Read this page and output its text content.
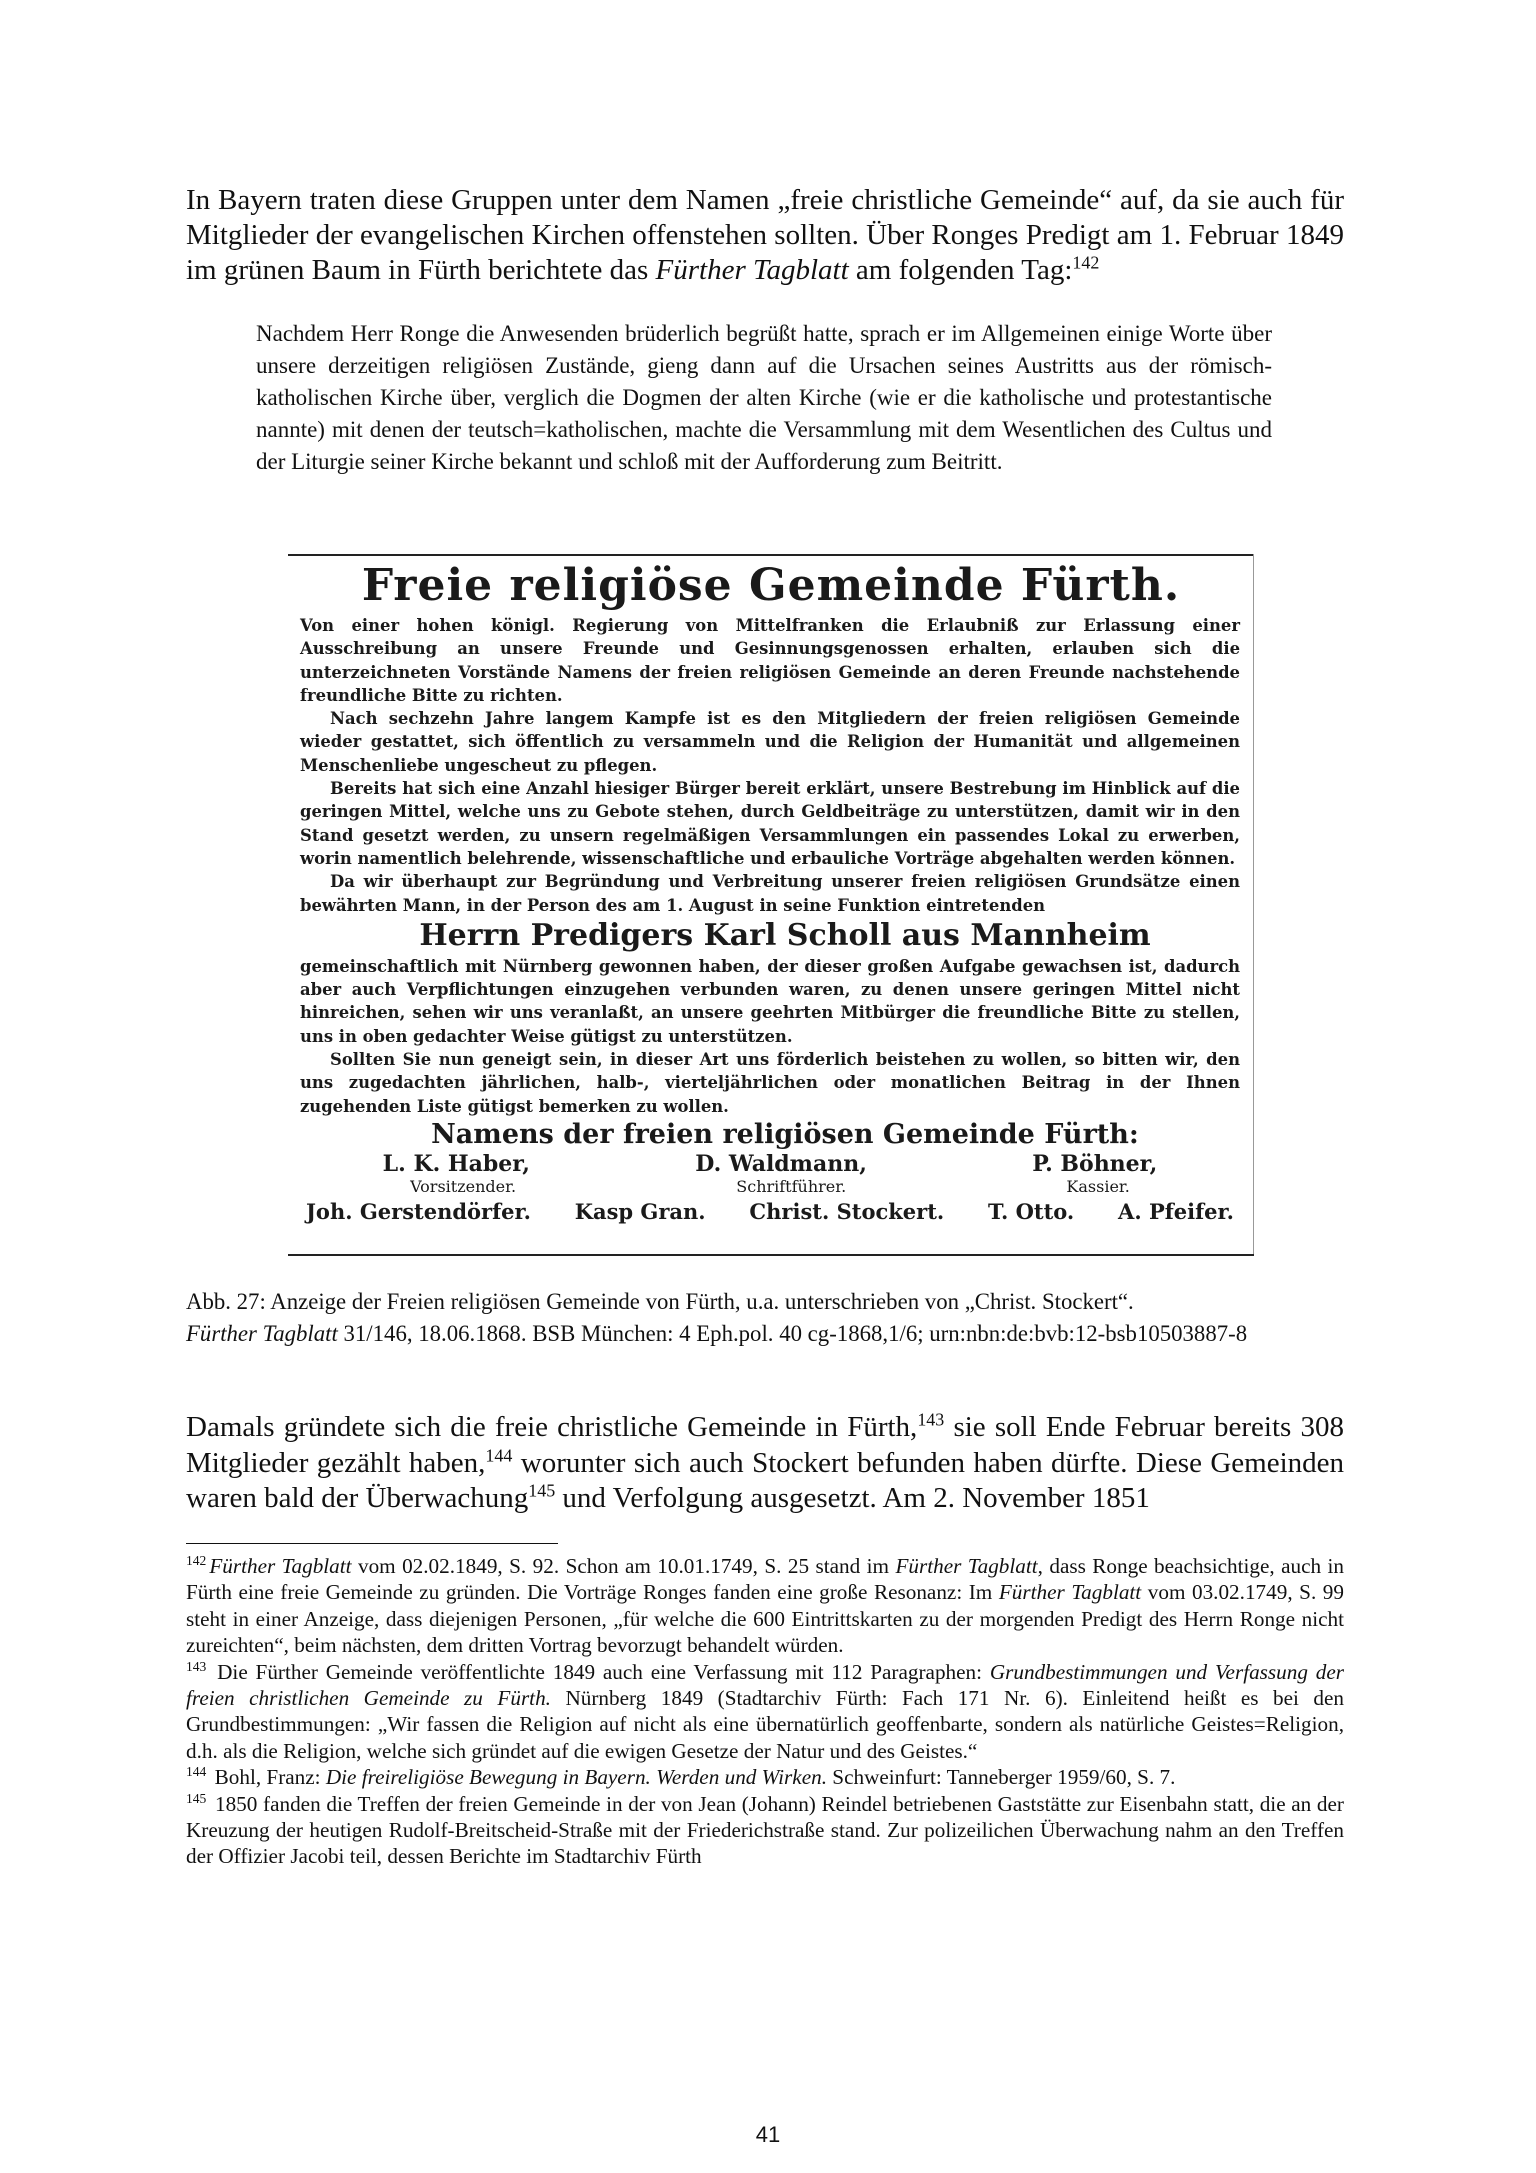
In Bayern traten diese Gruppen unter dem Namen „freie christliche Gemeinde“ auf, da sie auch für Mitglieder der evangelischen Kirchen offenstehen sollten. Über Ronges Predigt am 1. Februar 1849 im grünen Baum in Fürth berichtete das Fürther Tagblatt am folgenden Tag:$^{142}$

Nachdem Herr Ronge die Anwesenden brüderlich begrüßt hatte, sprach er im Allgemeinen einige Worte über unsere derzeitigen religiösen Zustände, gieng dann auf die Ursachen seines Austritts aus der römisch-katholischen Kirche über, verglich die Dogmen der alten Kirche (wie er die katholische und protestantische nannte) mit denen der teutsch=katholischen, machte die Versammlung mit dem Wesentlichen des Cultus und der Liturgie seiner Kirche bekannt und schloß mit der Aufforderung zum Beitritt.
Freie religiöse Gemeinde Fürth.

Von einer hohen königl. Regierung von Mittelfranken die Erlaubniß zur Erlassung einer Ausschreibung an unsere Freunde und Gesinnungsgenossen erhalten, erlauben sich die unterzeichneten Vorstände Namens der freien religiösen Gemeinde an deren Freunde nachstehende freundliche Bitte zu richten.

Nach sechzehn Jahre langem Kampfe ist es den Mitgliedern der freien religiösen Gemeinde wieder gestattet, sich öffentlich zu versammeln und die Religion der Humanität und allgemeinen Menschenliebe ungescheut zu pflegen.

Bereits hat sich eine Anzahl hiesiger Bürger bereit erklärt, unsere Bestrebung im Hinblick auf die geringen Mittel, welche uns zu Gebote stehen, durch Geldbeiträge zu unterstützen, damit wir in den Stand gesetzt werden, zu unsern regelmäßigen Versammlungen ein passendes Lokal zu erwerben, worin namentlich belehrende, wissenschaftliche und erbauliche Vorträge abgehalten werden können.

Da wir überhaupt zur Begründung und Verbreitung unserer freien religiösen Grundsätze einen bewährten Mann, in der Person des am 1. August in seine Funktion eintretenden

Herrn Predigers Karl Scholl aus Mannheim

gemeinschaftlich mit Nürnberg gewonnen haben, der dieser großen Aufgabe gewachsen ist, dadurch aber auch Verpflichtungen einzugehen verbunden waren, zu denen unsere geringen Mittel nicht hinreichen, sehen wir uns veranlaßt, an unsere geehrten Mitbürger die freundliche Bitte zu stellen, uns in oben gedachter Weise gütigst zu unterstützen.

Sollten Sie nun geneigt sein, in dieser Art uns förderlich beistehen zu wollen, so bitten wir, den uns zugedachten jährlichen, halb-, vierteljährlichen oder monatlichen Beitrag in der Ihnen zugehenden Liste gütigst bemerken zu wollen.

Namens der freien religiösen Gemeinde Fürth:

L. K. Haber,	D. Waldmann,	P. Böhner,
Vorsitzender.	Schriftführer.	Kassier.
Joh. Gerstendörfer. Kasp Gran. Christ. Stockert. T. Otto. A. Pfeifer.

Abb. 27: Anzeige der Freien religiösen Gemeinde von Fürth, u.a. unterschrieben von „Christ. Stockert“.
Fürther Tagblatt 31/146, 18.06.1868. BSB München: 4 Eph.pol. 40 cg-1868,1/6; urn:nbn:de:bvb:12-bsb10503887-8

Damals gründete sich die freie christliche Gemeinde in Fürth,$^{143}$ sie soll Ende Februar bereits 308 Mitglieder gezählt haben,$^{144}$ worunter sich auch Stockert befunden haben dürfte. Diese Gemeinden waren bald der Überwachung$^{145}$ und Verfolgung ausgesetzt. Am 2. November 1851

$^{142}$ Fürther Tagblatt vom 02.02.1849, S. 92. Schon am 10.01.1749, S. 25 stand im Fürther Tagblatt, dass Ronge beachsichtige, auch in Fürth eine freie Gemeinde zu gründen. Die Vorträge Ronges fanden eine große Resonanz: Im Fürther Tagblatt vom 03.02.1749, S. 99 steht in einer Anzeige, dass diejenigen Personen, „für welche die 600 Eintrittskarten zu der morgenden Predigt des Herrn Ronge nicht zureichten“, beim nächsten, dem dritten Vortrag bevorzugt behandelt würden.

$^{143}$ Die Fürther Gemeinde veröffentlichte 1849 auch eine Verfassung mit 112 Paragraphen: Grundbestimmungen und Verfassung der freien christlichen Gemeinde zu Fürth. Nürnberg 1849 (Stadtarchiv Fürth: Fach 171 Nr. 6). Einleitend heißt es bei den Grundbestimmungen: „Wir fassen die Religion auf nicht als eine übernatürlich geoffenbarte, sondern als natürliche Geistes=Religion, d.h. als die Religion, welche sich gründet auf die ewigen Gesetze der Natur und des Geistes.“

$^{144}$ Bohl, Franz: Die freireligiöse Bewegung in Bayern. Werden und Wirken. Schweinfurt: Tanneberger 1959/60, S. 7.

$^{145}$ 1850 fanden die Treffen der freien Gemeinde in der von Jean (Johann) Reindel betriebenen Gaststätte zur Eisenbahn statt, die an der Kreuzung der heutigen Rudolf-Breitscheid-Straße mit der Friederichstraße stand. Zur polizeilichen Überwachung nahm an den Treffen der Offizier Jacobi teil, dessen Berichte im Stadtarchiv Fürth

41
